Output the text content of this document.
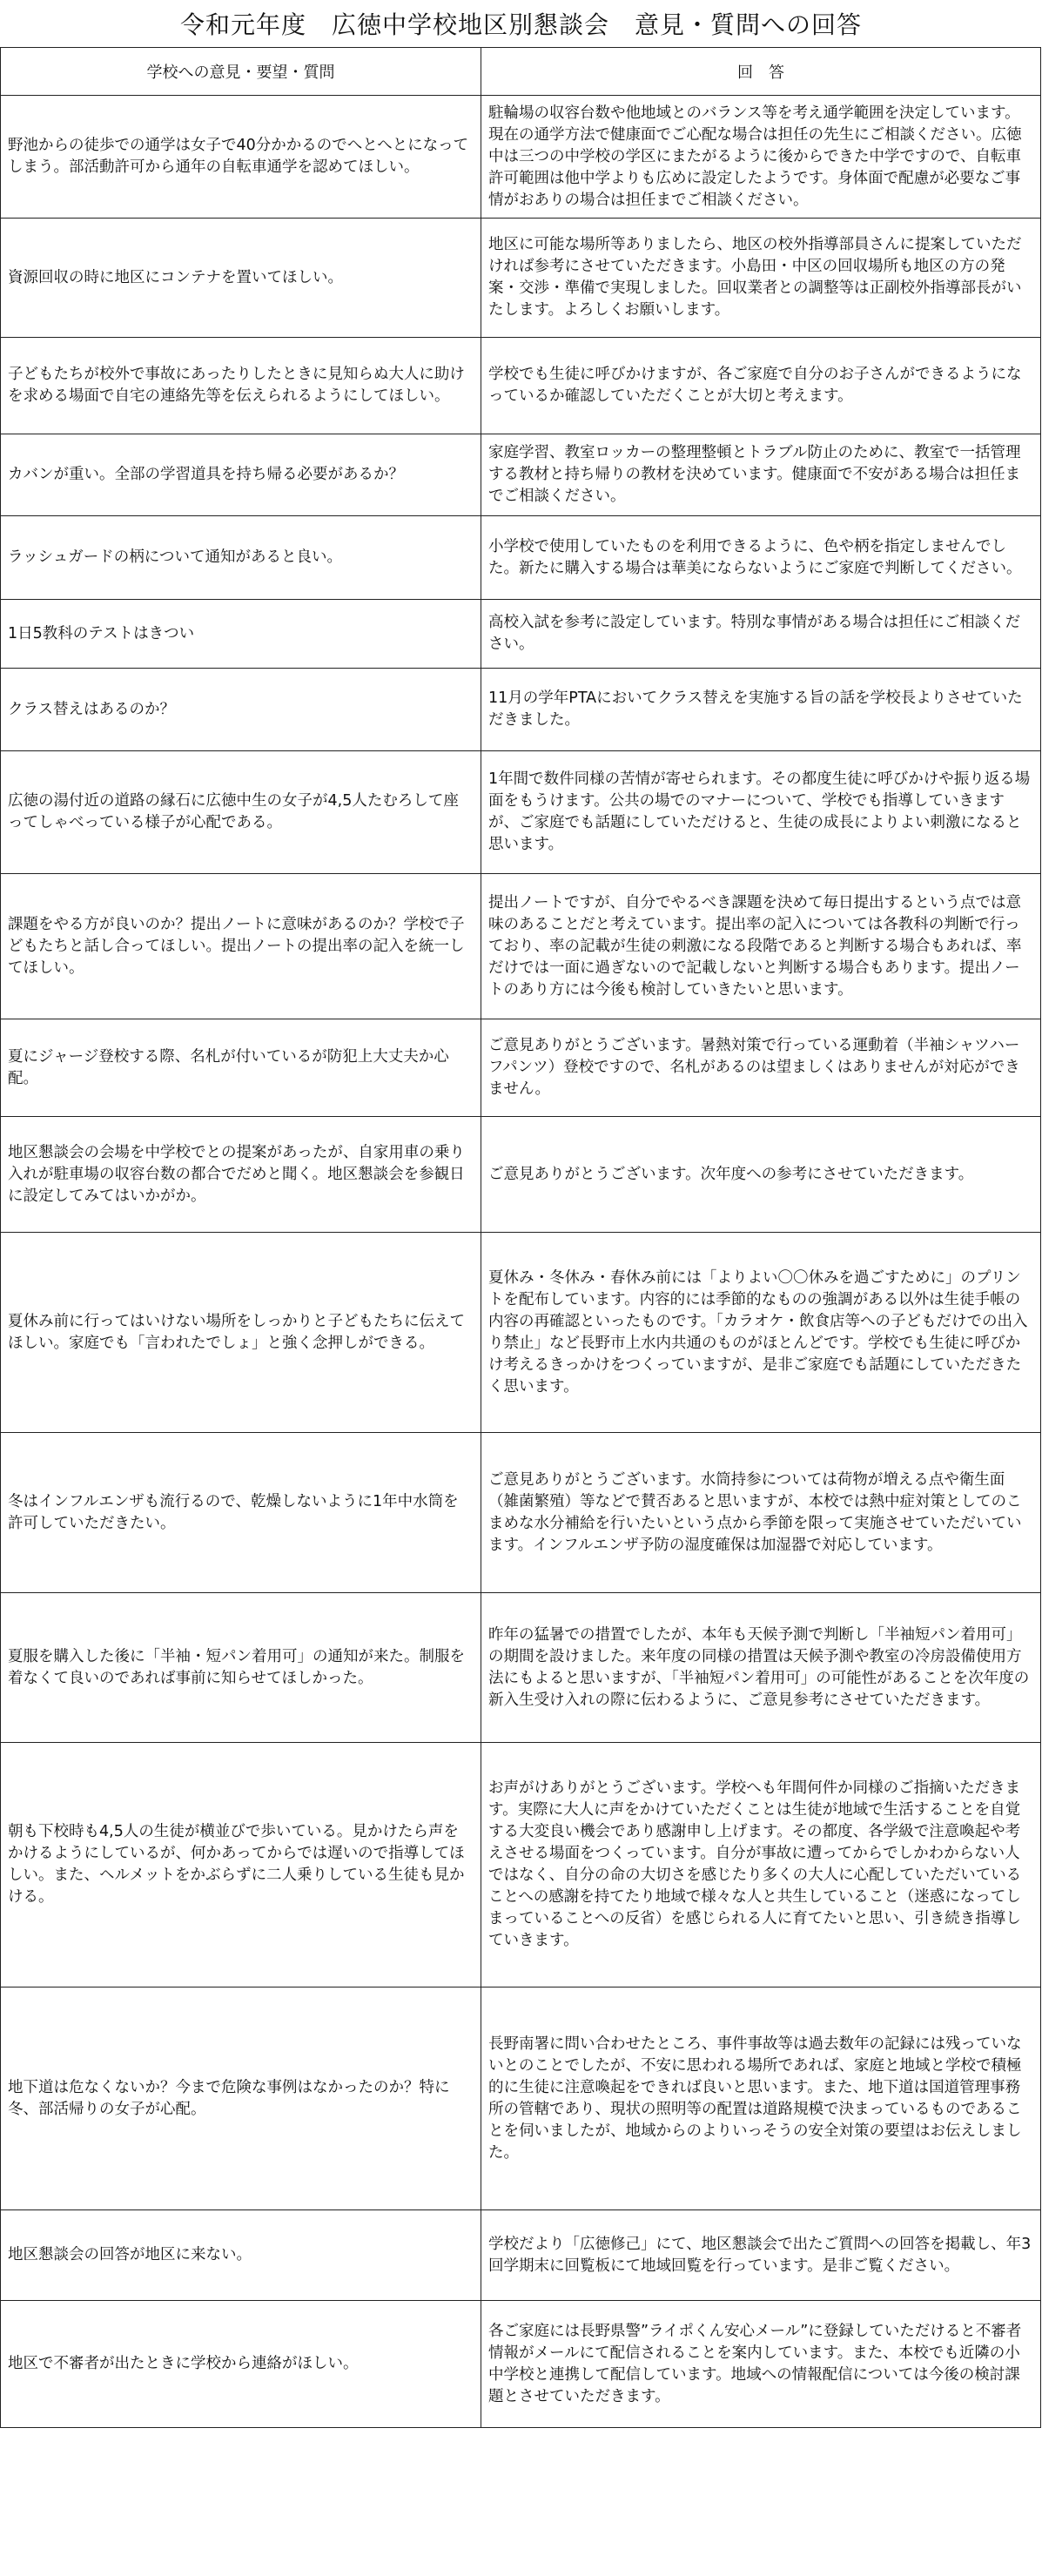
令和元年度　広徳中学校地区別懇談会　意見・質問への回答
学校への意見・要望・質問	回　答
野池からの徒歩での通学は女子で40分かかるのでへとへとになってしまう。部活動許可から通年の自転車通学を認めてほしい。	駐輪場の収容台数や他地域とのバランス等を考え通学範囲を決定しています。現在の通学方法で健康面でご心配な場合は担任の先生にご相談ください。広徳中は三つの中学校の学区にまたがるように後からできた中学ですので、自転車許可範囲は他中学よりも広めに設定したようです。身体面で配慮が必要なご事情がおありの場合は担任までご相談ください。
資源回収の時に地区にコンテナを置いてほしい。	地区に可能な場所等ありましたら、地区の校外指導部員さんに提案していただければ参考にさせていただきます。小島田・中区の回収場所も地区の方の発案・交渉・準備で実現しました。回収業者との調整等は正副校外指導部長がいたします。よろしくお願いします。
子どもたちが校外で事故にあったりしたときに見知らぬ大人に助けを求める場面で自宅の連絡先等を伝えられるようにしてほしい。	学校でも生徒に呼びかけますが、各ご家庭で自分のお子さんができるようになっているか確認していただくことが大切と考えます。
カバンが重い。全部の学習道具を持ち帰る必要があるか？	家庭学習、教室ロッカーの整理整頓とトラブル防止のために、教室で一括管理する教材と持ち帰りの教材を決めています。健康面で不安がある場合は担任までご相談ください。
ラッシュガードの柄について通知があると良い。	小学校で使用していたものを利用できるように、色や柄を指定しませんでした。新たに購入する場合は華美にならないようにご家庭で判断してください。
1日5教科のテストはきつい	高校入試を参考に設定しています。特別な事情がある場合は担任にご相談ください。
クラス替えはあるのか？	11月の学年PTAにおいてクラス替えを実施する旨の話を学校長よりさせていただきました。
広徳の湯付近の道路の縁石に広徳中生の女子が4,5人たむろして座ってしゃべっている様子が心配である。	1年間で数件同様の苦情が寄せられます。その都度生徒に呼びかけや振り返る場面をもうけます。公共の場でのマナーについて、学校でも指導していきますが、ご家庭でも話題にしていただけると、生徒の成長によりよい刺激になると思います。
課題をやる方が良いのか？提出ノートに意味があるのか？学校で子どもたちと話し合ってほしい。提出ノートの提出率の記入を統一してほしい。	提出ノートですが、自分でやるべき課題を決めて毎日提出するという点では意味のあることだと考えています。提出率の記入については各教科の判断で行っており、率の記載が生徒の刺激になる段階であると判断する場合もあれば、率だけでは一面に過ぎないので記載しないと判断する場合もあります。提出ノートのあり方には今後も検討していきたいと思います。
夏にジャージ登校する際、名札が付いているが防犯上大丈夫か心配。	ご意見ありがとうございます。暑熱対策で行っている運動着（半袖シャツハーフパンツ）登校ですので、名札があるのは望ましくはありませんが対応ができません。
地区懇談会の会場を中学校でとの提案があったが、自家用車の乗り入れが駐車場の収容台数の都合でだめと聞く。地区懇談会を参観日に設定してみてはいかがか。	ご意見ありがとうございます。次年度への参考にさせていただきます。
夏休み前に行ってはいけない場所をしっかりと子どもたちに伝えてほしい。家庭でも「言われたでしょ」と強く念押しができる。	夏休み・冬休み・春休み前には「よりよい〇〇休みを過ごすために」のプリントを配布しています。内容的には季節的なものの強調がある以外は生徒手帳の内容の再確認といったものです。「カラオケ・飲食店等への子どもだけでの出入り禁止」など長野市上水内共通のものがほとんどです。学校でも生徒に呼びかけ考えるきっかけをつくっていますが、是非ご家庭でも話題にしていただきたく思います。
冬はインフルエンザも流行るので、乾燥しないように1年中水筒を許可していただきたい。	ご意見ありがとうございます。水筒持参については荷物が増える点や衛生面（雑菌繁殖）等などで賛否あると思いますが、本校では熱中症対策としてのこまめな水分補給を行いたいという点から季節を限って実施させていただいています。インフルエンザ予防の湿度確保は加湿器で対応しています。
夏服を購入した後に「半袖・短パン着用可」の通知が来た。制服を着なくて良いのであれば事前に知らせてほしかった。	昨年の猛暑での措置でしたが、本年も天候予測で判断し「半袖短パン着用可」の期間を設けました。来年度の同様の措置は天候予測や教室の冷房設備使用方法にもよると思いますが、「半袖短パン着用可」の可能性があることを次年度の新入生受け入れの際に伝わるように、ご意見参考にさせていただきます。
朝も下校時も4,5人の生徒が横並びで歩いている。見かけたら声をかけるようにしているが、何かあってからでは遅いので指導してほしい。また、ヘルメットをかぶらずに二人乗りしている生徒も見かける。	お声がけありがとうございます。学校へも年間何件か同様のご指摘いただきます。実際に大人に声をかけていただくことは生徒が地域で生活することを自覚する大変良い機会であり感謝申し上げます。その都度、各学級で注意喚起や考えさせる場面をつくっています。自分が事故に遭ってからでしかわからない人ではなく、自分の命の大切さを感じたり多くの大人に心配していただいていることへの感謝を持てたり地域で様々な人と共生していること（迷惑になってしまっていることへの反省）を感じられる人に育てたいと思い、引き続き指導していきます。
地下道は危なくないか？今まで危険な事例はなかったのか？特に冬、部活帰りの女子が心配。	長野南署に問い合わせたところ、事件事故等は過去数年の記録には残っていないとのことでしたが、不安に思われる場所であれば、家庭と地域と学校で積極的に生徒に注意喚起をできれば良いと思います。また、地下道は国道管理事務所の管轄であり、現状の照明等の配置は道路規模で決まっているものであることを伺いましたが、地域からのよりいっそうの安全対策の要望はお伝えしました。
地区懇談会の回答が地区に来ない。	学校だより「広徳修己」にて、地区懇談会で出たご質問への回答を掲載し、年3回学期末に回覧板にて地域回覧を行っています。是非ご覧ください。
地区で不審者が出たときに学校から連絡がほしい。	各ご家庭には長野県警”ライポくん安心メール”に登録していただけると不審者情報がメールにて配信されることを案内しています。また、本校でも近隣の小中学校と連携して配信しています。地域への情報配信については今後の検討課題とさせていただきます。
